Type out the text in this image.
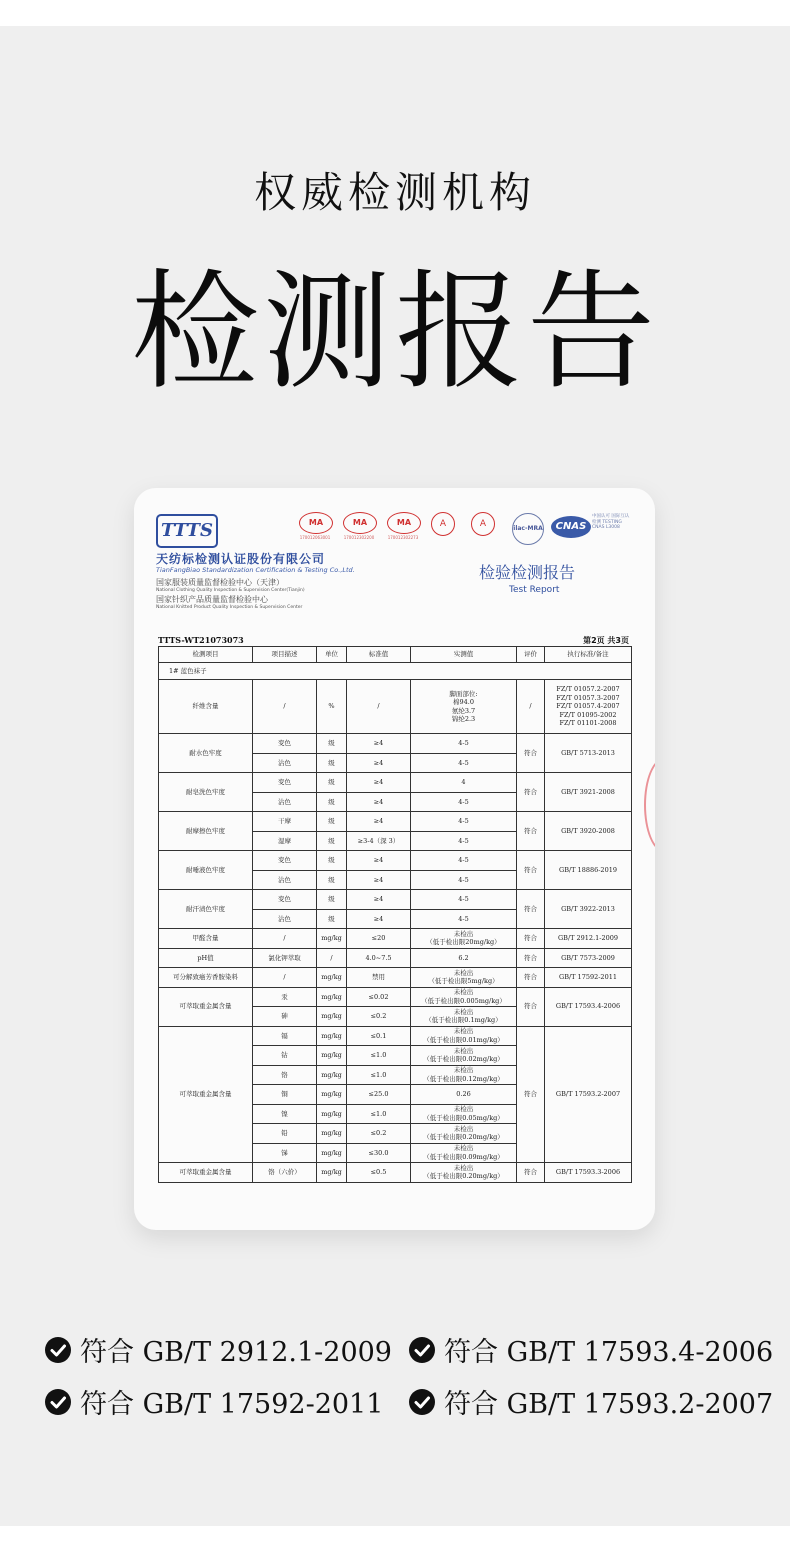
权威检测机构
检测报告
TTTS	MA
170012063001
MA
170012302200
MA
170012302273
A	A	ilac-MRA	CNAS
中国认可 国际互认 检测 TESTING CNAS L3008
天纺标检测认证股份有限公司
TianFangBiao Standardization Certification & Testing Co.,Ltd.
国家服装质量监督检验中心（天津）
National Clothing Quality Inspection & Supervision Center(Tianjin)
国家针织产品质量监督检验中心
National Knitted Product Quality Inspection & Supervision Center
检验检测报告
Test Report
TTTS-WT21073073	第2页 共3页
检测项目	项目描述	单位	标准值	实测值	评价	执行标准/备注
1# 蓝色袜子						
纤维含量	/	%	/	脚面部位:
棉94.0
氨纶3.7
锦纶2.3	/	FZ/T 01057.2-2007
FZ/T 01057.3-2007
FZ/T 01057.4-2007
FZ/T 01095-2002
FZ/T 01101-2008
耐水色牢度	变色	级	≥4	4-5	符合	GB/T 5713-2013
	沾色	级	≥4	4-5		
耐皂洗色牢度	变色	级	≥4	4	符合	GB/T 3921-2008
	沾色	级	≥4	4-5		
耐摩擦色牢度	干摩	级	≥4	4-5	符合	GB/T 3920-2008
	湿摩	级	≥3-4（深 3）	4-5		
耐唾液色牢度	变色	级	≥4	4-5	符合	GB/T 18886-2019
	沾色	级	≥4	4-5		
耐汗渍色牢度	变色	级	≥4	4-5	符合	GB/T 3922-2013
	沾色	级	≥4	4-5		
甲醛含量	/	mg/kg	≤20	未检出
（低于检出限20mg/kg）	符合	GB/T 2912.1-2009
pH值	氯化钾萃取	/	4.0~7.5	6.2	符合	GB/T 7573-2009
可分解致癌芳香胺染料	/	mg/kg	禁用	未检出
（低于检出限5mg/kg）	符合	GB/T 17592-2011
可萃取重金属含量	汞	mg/kg	≤0.02	未检出
（低于检出限0.005mg/kg）	符合	GB/T 17593.4-2006
	砷	mg/kg	≤0.2	未检出
（低于检出限0.1mg/kg）		
可萃取重金属含量	镉	mg/kg	≤0.1	未检出
（低于检出限0.01mg/kg）	符合	GB/T 17593.2-2007
	钴	mg/kg	≤1.0	未检出
（低于检出限0.02mg/kg）		
	铬	mg/kg	≤1.0	未检出
（低于检出限0.12mg/kg）		
	铜	mg/kg	≤25.0	0.26		
	镍	mg/kg	≤1.0	未检出
（低于检出限0.05mg/kg）		
	铅	mg/kg	≤0.2	未检出
（低于检出限0.20mg/kg）		
	锑	mg/kg	≤30.0	未检出
（低于检出限0.09mg/kg）		
可萃取重金属含量	铬（六价）	mg/kg	≤0.5	未检出
（低于检出限0.20mg/kg）	符合	GB/T 17593.3-2006
符合 GB/T 2912.1-2009 符合 GB/T 17593.4-2006
符合 GB/T 17592-2011 符合 GB/T 17593.2-2007
